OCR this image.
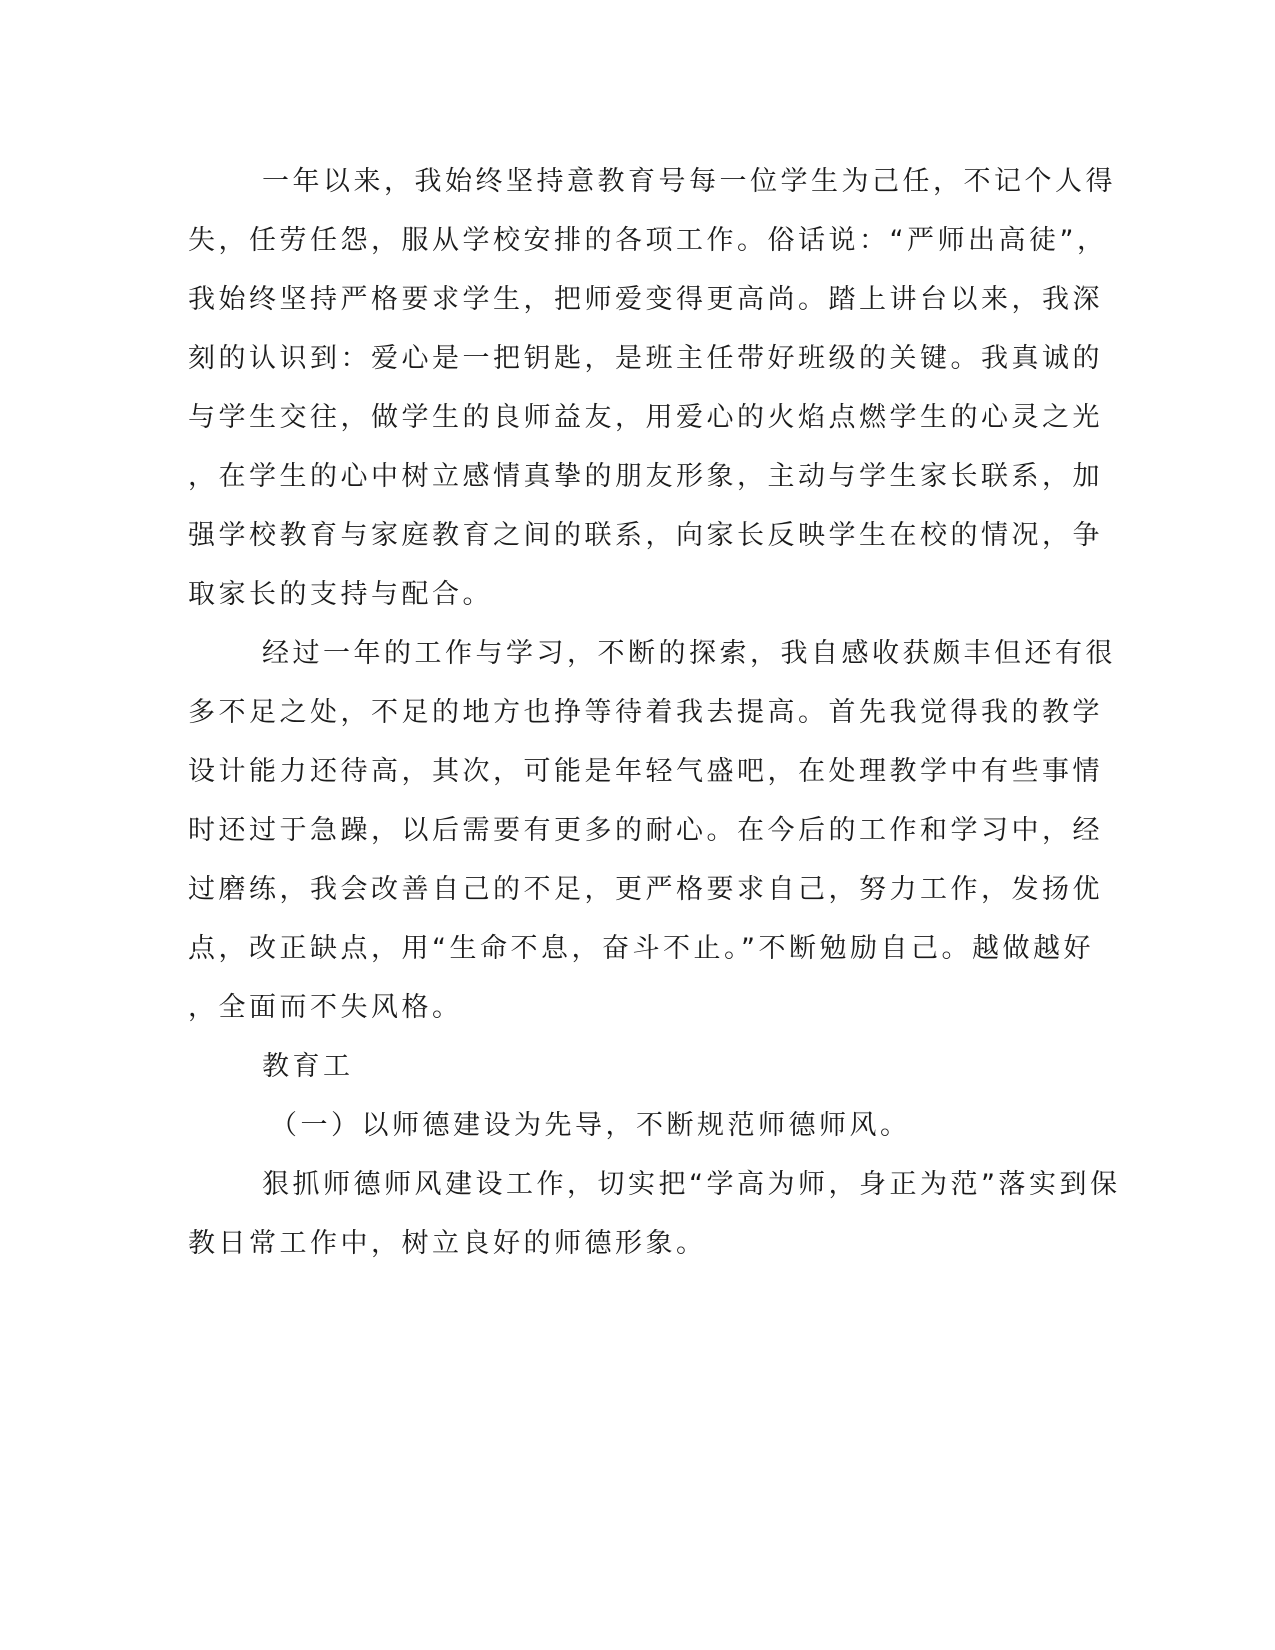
一年以来，我始终坚持意教育号每一位学生为己任，不记个人得
失，任劳任怨，服从学校安排的各项工作。俗话说：“严师出高徒”，
我始终坚持严格要求学生，把师爱变得更高尚。踏上讲台以来，我深
刻的认识到：爱心是一把钥匙，是班主任带好班级的关键。我真诚的
与学生交往，做学生的良师益友，用爱心的火焰点燃学生的心灵之光
，在学生的心中树立感情真挚的朋友形象，主动与学生家长联系，加
强学校教育与家庭教育之间的联系，向家长反映学生在校的情况，争
取家长的支持与配合。
经过一年的工作与学习，不断的探索，我自感收获颇丰但还有很
多不足之处，不足的地方也挣等待着我去提高。首先我觉得我的教学
设计能力还待高，其次，可能是年轻气盛吧，在处理教学中有些事情
时还过于急躁，以后需要有更多的耐心。在今后的工作和学习中，经
过磨练，我会改善自己的不足，更严格要求自己，努力工作，发扬优
点，改正缺点，用“生命不息，奋斗不止。”不断勉励自己。越做越好
，全面而不失风格。
教育工
（一）以师德建设为先导，不断规范师德师风。
狠抓师德师风建设工作，切实把“学高为师，身正为范”落实到保
教日常工作中，树立良好的师德形象。
